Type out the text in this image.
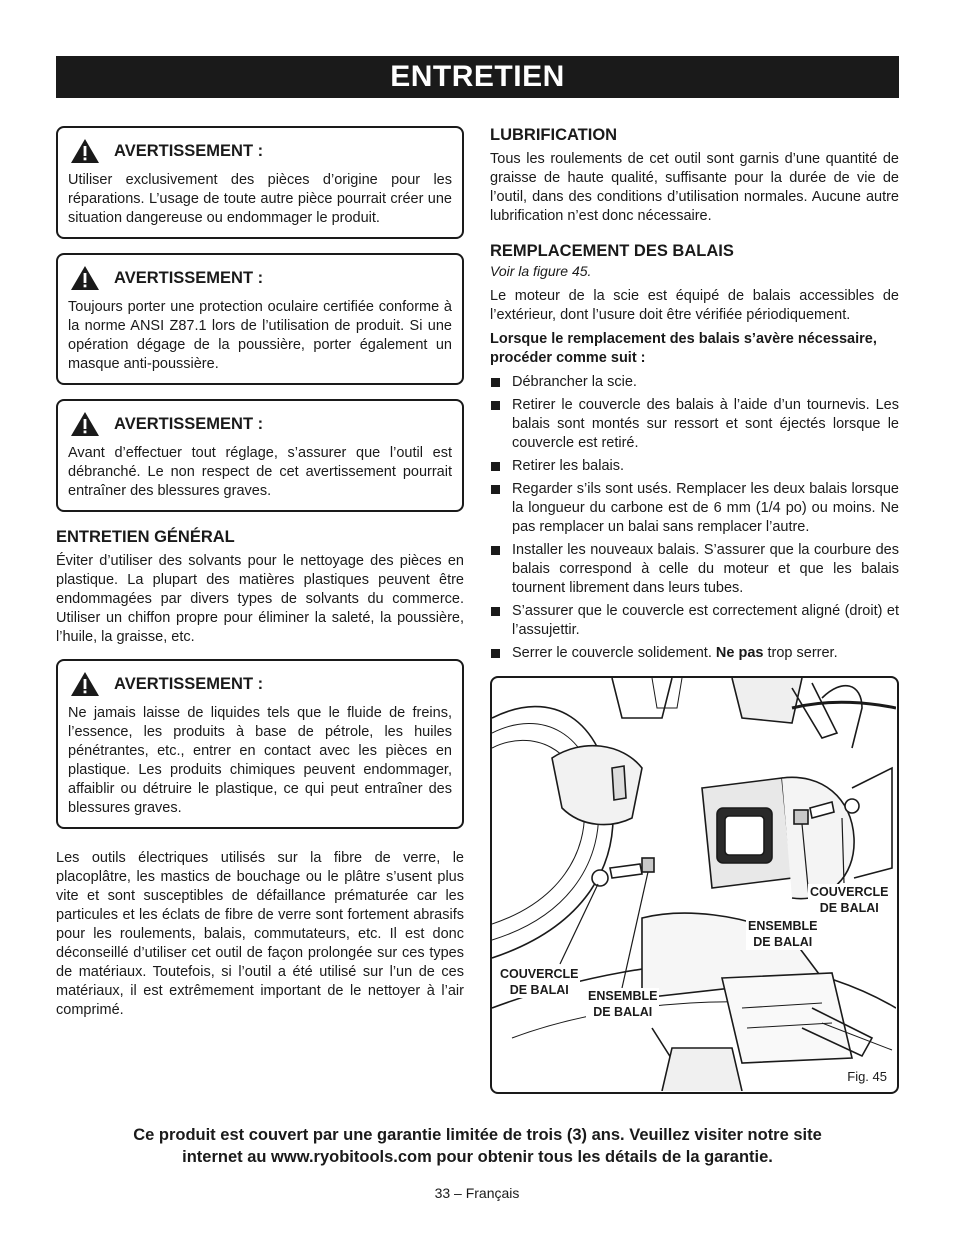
ENTRETIEN
AVERTISSEMENT :
Utiliser exclusivement des pièces d’origine pour les réparations. L’usage de toute autre pièce pourrait créer une situation dangereuse ou endommager le produit.
AVERTISSEMENT :
Toujours porter une protection oculaire certifiée conforme à la norme ANSI Z87.1 lors de l’utilisation de produit. Si une opération dégage de la poussière, porter également un masque anti-poussière.
AVERTISSEMENT :
Avant d’effectuer tout réglage, s’assurer que l’outil est débranché. Le non respect de cet avertissement pourrait entraîner des blessures graves.
ENTRETIEN GÉNÉRAL

Éviter d’utiliser des solvants pour le nettoyage des pièces en plastique. La plupart des matières plastiques peuvent être endommagées par divers types de solvants du commerce. Utiliser un chiffon propre pour éliminer la saleté, la poussière, l’huile, la graisse, etc.

AVERTISSEMENT :
Ne jamais laisse de liquides tels que le fluide de freins, l’essence, les produits à base de pétrole, les huiles pénétrantes, etc., entrer en contact avec les pièces en plastique. Les produits chimiques peuvent endommager, affaiblir ou détruire le plastique, ce qui peut entraîner des blessures graves.

Les outils électriques utilisés sur la fibre de verre, le placoplâtre, les mastics de bouchage ou le plâtre s’usent plus vite et sont susceptibles de défaillance prématurée car les particules et les éclats de fibre de verre sont fortement abrasifs pour les roulements, balais, commutateurs, etc. Il est donc déconseillé d’utiliser cet outil de façon prolongée sur ces types de matériaux. Toutefois, si l’outil a été utilisé sur l’un de ces matériaux, il est extrêmement important de le nettoyer à l’air comprimé.

LUBRIFICATION

Tous les roulements de cet outil sont garnis d’une quantité de graisse de haute qualité, suffisante pour la durée de vie de l’outil, dans des conditions d’utilisation normales. Aucune autre lubrification n’est donc nécessaire.

REMPLACEMENT DES BALAIS
Voir la figure 45.

Le moteur de la scie est équipé de balais accessibles de l’extérieur, dont l’usure doit être vérifiée périodiquement.

Lorsque le remplacement des balais s’avère nécessaire, procéder comme suit :

Débrancher la scie.
Retirer le couvercle des balais à l’aide d’un tournevis. Les balais sont montés sur ressort et sont éjectés lorsque le couvercle est retiré.
Retirer les balais.
Regarder s’ils sont usés. Remplacer les deux balais lorsque la longueur du carbone est de 6 mm (1/4 po) ou moins. Ne pas remplacer un balai sans remplacer l’autre.
Installer les nouveaux balais. S’assurer que la courbure des balais correspond à celle du moteur et que les balais tournent librement dans leurs tubes.
S’assurer que le couvercle est correctement aligné (droit) et l’assujettir.
Serrer le couvercle solidement. Ne pas trop serrer.
COUVERCLE
DE BALAI
ENSEMBLE
DE BALAI
COUVERCLE
DE BALAI	ENSEMBLE
DE BALAI
Fig. 45
Ce produit est couvert par une garantie limitée de trois (3) ans. Veuillez visiter notre site
internet au www.ryobitools.com pour obtenir tous les détails de la garantie.
33 – Français
